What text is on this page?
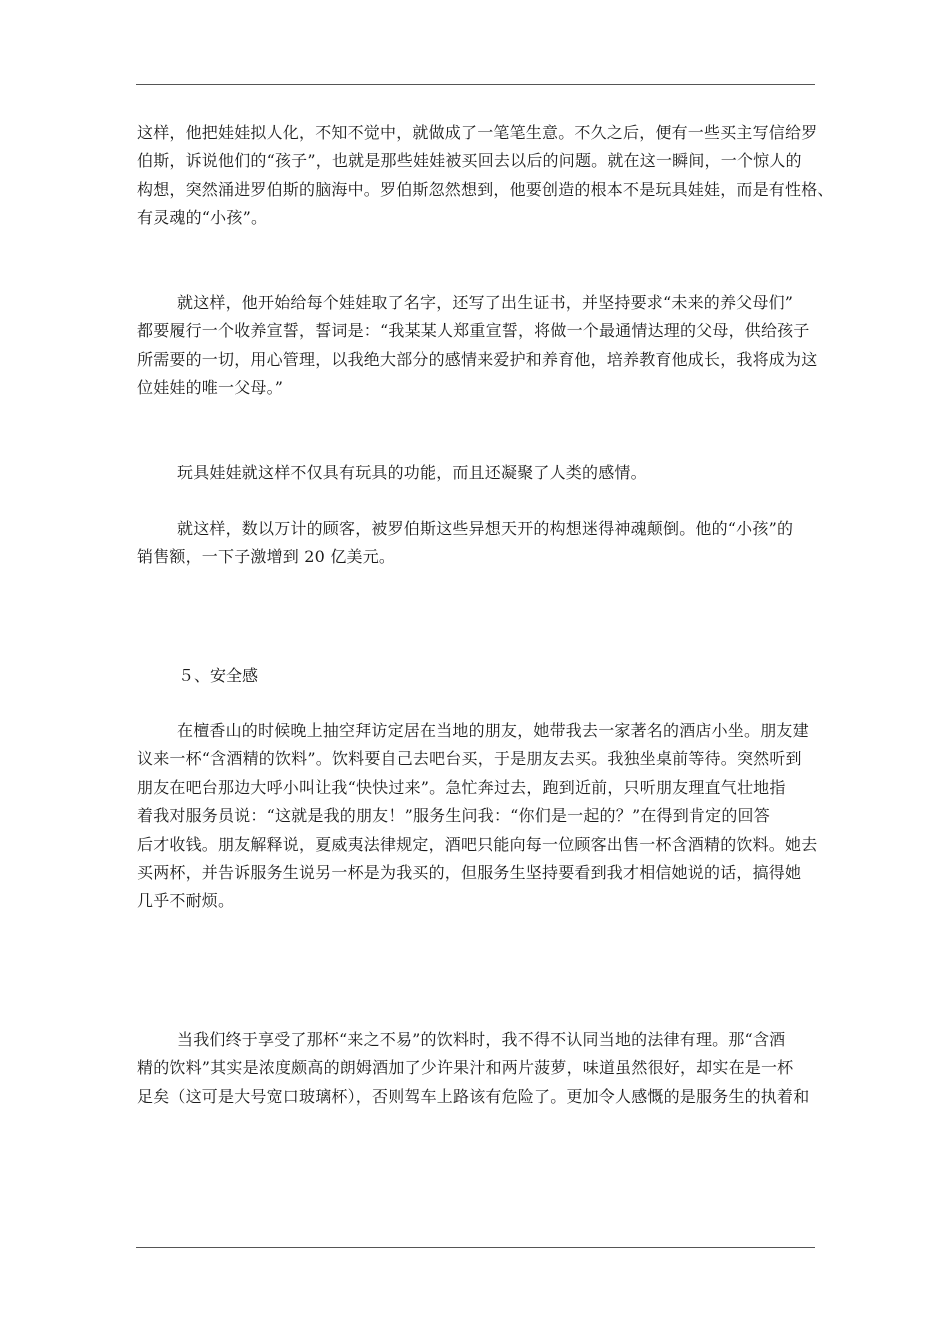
这样，他把娃娃拟人化，不知不觉中，就做成了一笔笔生意。不久之后，便有一些买主写信给罗
伯斯，诉说他们的“孩子”，也就是那些娃娃被买回去以后的问题。就在这一瞬间，一个惊人的
构想，突然涌进罗伯斯的脑海中。罗伯斯忽然想到，他要创造的根本不是玩具娃娃，而是有性格、
有灵魂的“小孩”。
就这样，他开始给每个娃娃取了名字，还写了出生证书，并坚持要求“未来的养父母们”
都要履行一个收养宣誓，誓词是：“我某某人郑重宣誓，将做一个最通情达理的父母，供给孩子
所需要的一切，用心管理，以我绝大部分的感情来爱护和养育他，培养教育他成长，我将成为这
位娃娃的唯一父母。”
玩具娃娃就这样不仅具有玩具的功能，而且还凝聚了人类的感情。
就这样，数以万计的顾客，被罗伯斯这些异想天开的构想迷得神魂颠倒。他的“小孩”的
销售额，一下子激增到 20 亿美元。

５、安全感

在檀香山的时候晚上抽空拜访定居在当地的朋友，她带我去一家著名的酒店小坐。朋友建
议来一杯“含酒精的饮料”。饮料要自己去吧台买，于是朋友去买。我独坐桌前等待。突然听到
朋友在吧台那边大呼小叫让我“快快过来”。急忙奔过去，跑到近前，只听朋友理直气壮地指
着我对服务员说：“这就是我的朋友！”服务生问我：“你们是一起的？”在得到肯定的回答
后才收钱。朋友解释说，夏威夷法律规定，酒吧只能向每一位顾客出售一杯含酒精的饮料。她去
买两杯，并告诉服务生说另一杯是为我买的，但服务生坚持要看到我才相信她说的话，搞得她
几乎不耐烦。
当我们终于享受了那杯“来之不易”的饮料时，我不得不认同当地的法律有理。那“含酒
精的饮料”其实是浓度颇高的朗姆酒加了少许果汁和两片菠萝，味道虽然很好，却实在是一杯
足矣（这可是大号宽口玻璃杯），否则驾车上路该有危险了。更加令人感慨的是服务生的执着和
